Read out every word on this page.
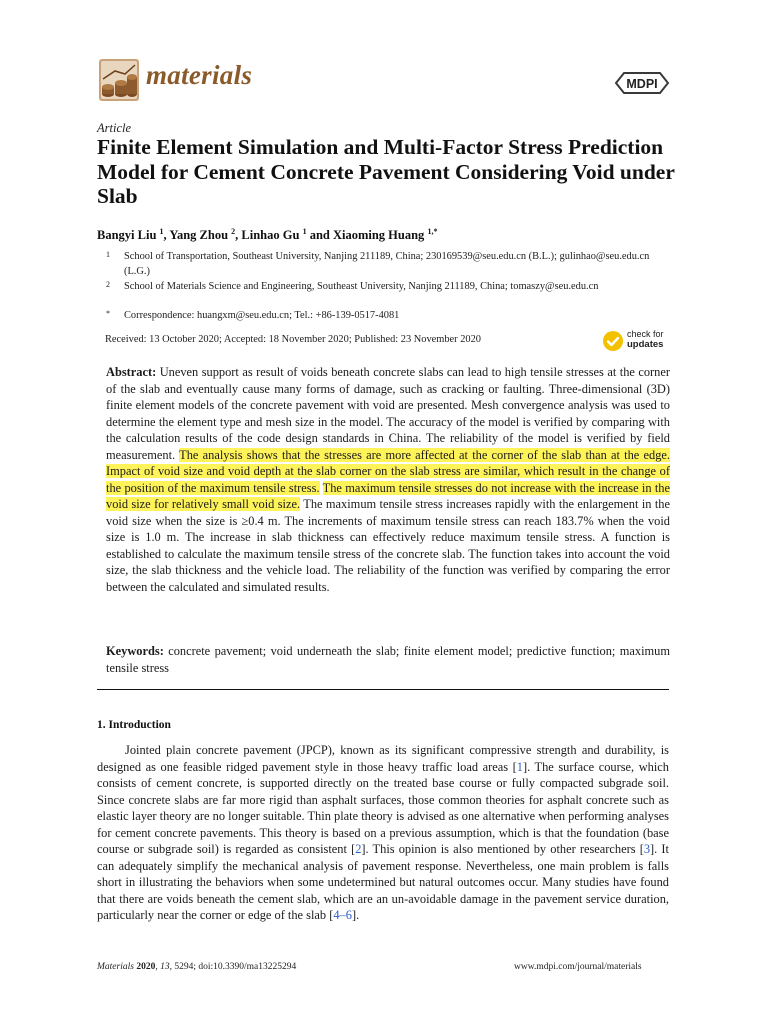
materials	MDPI
Article
Finite Element Simulation and Multi-Factor Stress Prediction Model for Cement Concrete Pavement Considering Void under Slab
Bangyi Liu $^1$, Yang Zhou $^2$, Linhao Gu $^1$ and Xiaoming Huang $^{1,*}$
1 School of Transportation, Southeast University, Nanjing 211189, China; 230169539@seu.edu.cn (B.L.); gulinhao@seu.edu.cn (L.G.)
2 School of Materials Science and Engineering, Southeast University, Nanjing 211189, China; tomaszy@seu.edu.cn
* Correspondence: huangxm@seu.edu.cn; Tel.: +86-139-0517-4081
Received: 13 October 2020; Accepted: 18 November 2020; Published: 23 November 2020	check for
updates

Abstract: Uneven support as result of voids beneath concrete slabs can lead to high tensile stresses at the corner of the slab and eventually cause many forms of damage, such as cracking or faulting. Three-dimensional (3D) finite element models of the concrete pavement with void are presented. Mesh convergence analysis was used to determine the element type and mesh size in the model. The accuracy of the model is verified by comparing with the calculation results of the code design standards in China. The reliability of the model is verified by field measurement. The analysis shows that the stresses are more affected at the corner of the slab than at the edge. Impact of void size and void depth at the slab corner on the slab stress are similar, which result in the change of the position of the maximum tensile stress. The maximum tensile stresses do not increase with the increase in the void size for relatively small void size. The maximum tensile stress increases rapidly with the enlargement in the void size when the size is ≥0.4 m. The increments of maximum tensile stress can reach 183.7% when the void size is 1.0 m. The increase in slab thickness can effectively reduce maximum tensile stress. A function is established to calculate the maximum tensile stress of the concrete slab. The function takes into account the void size, the slab thickness and the vehicle load. The reliability of the function was verified by comparing the error between the calculated and simulated results.

Keywords: concrete pavement; void underneath the slab; finite element model; predictive function; maximum tensile stress

1. Introduction

Jointed plain concrete pavement (JPCP), known as its significant compressive strength and durability, is designed as one feasible ridged pavement style in those heavy traffic load areas [1]. The surface course, which consists of cement concrete, is supported directly on the treated base course or fully compacted subgrade soil. Since concrete slabs are far more rigid than asphalt surfaces, those common theories for asphalt concrete such as elastic layer theory are no longer suitable. Thin plate theory is advised as one alternative when performing analyses for cement concrete pavements. This theory is based on a previous assumption, which is that the foundation (base course or subgrade soil) is regarded as consistent [2]. This opinion is also mentioned by other researchers [3]. It can adequately simplify the mechanical analysis of pavement response. Nevertheless, one main problem is falls short in illustrating the behaviors when some undetermined but natural outcomes occur. Many studies have found that there are voids beneath the cement slab, which are an un-avoidable damage in the pavement service duration, particularly near the corner or edge of the slab [4–6].

Materials 2020, 13, 5294; doi:10.3390/ma13225294	www.mdpi.com/journal/materials
